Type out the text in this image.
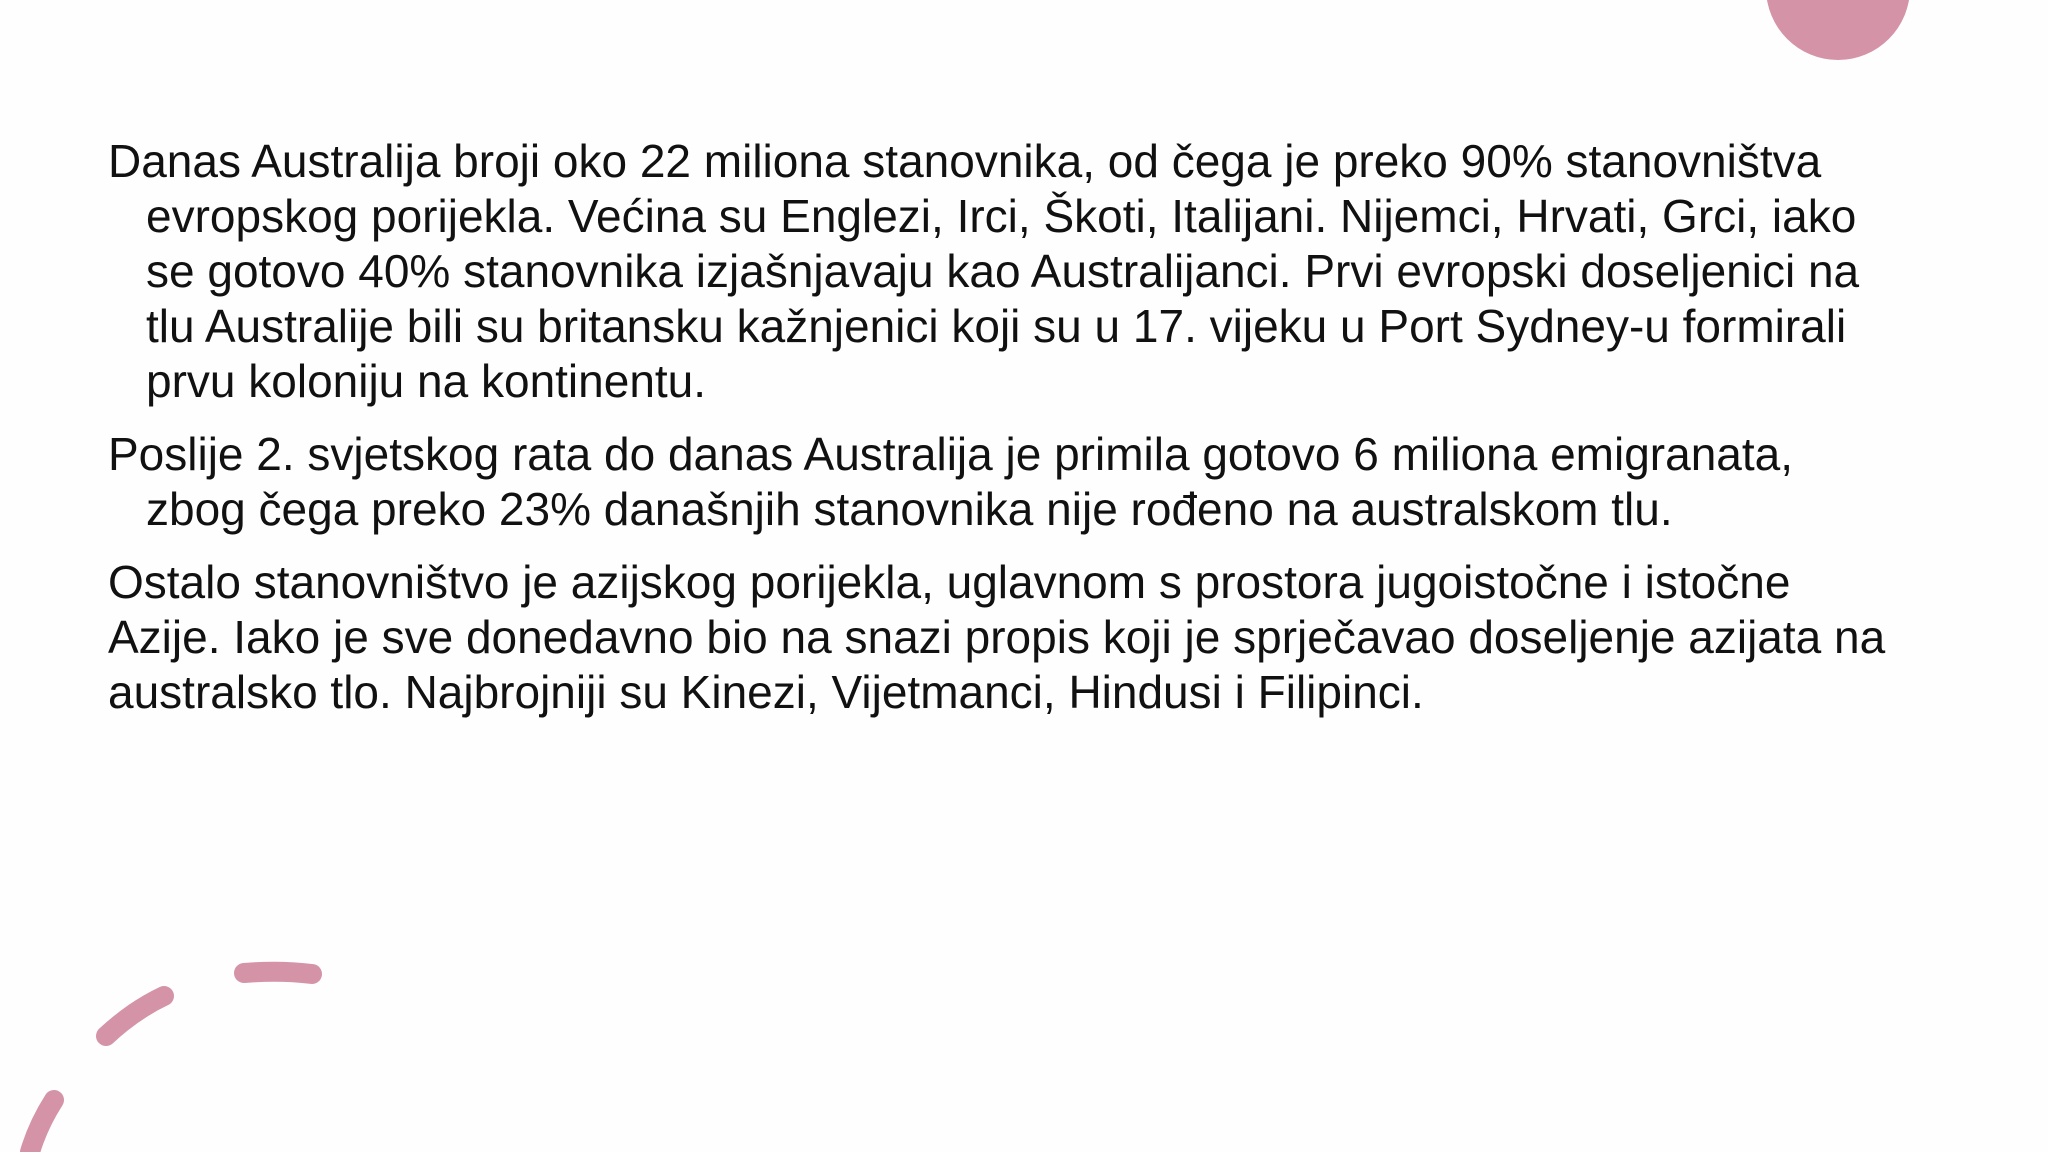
Danas Australija broji oko 22 miliona stanovnika, od čega je preko 90% stanovništva evropskog porijekla. Većina su Englezi, Irci, Škoti, Italijani. Nijemci, Hrvati, Grci, iako se gotovo 40% stanovnika izjašnjavaju kao Australijanci. Prvi evropski doseljenici na tlu Australije bili su britansku kažnjenici koji su u 17. vijeku u Port Sydney-u formirali prvu koloniju na kontinentu.

Poslije 2. svjetskog rata do danas Australija je primila gotovo 6 miliona emigranata, zbog čega preko 23% današnjih stanovnika nije rođeno na australskom tlu.

Ostalo stanovništvo je azijskog porijekla, uglavnom s prostora jugoistočne i istočne Azije. Iako je sve donedavno bio na snazi propis koji je sprječavao doseljenje azijata na australsko tlo. Najbrojniji su Kinezi, Vijetmanci, Hindusi i Filipinci.
